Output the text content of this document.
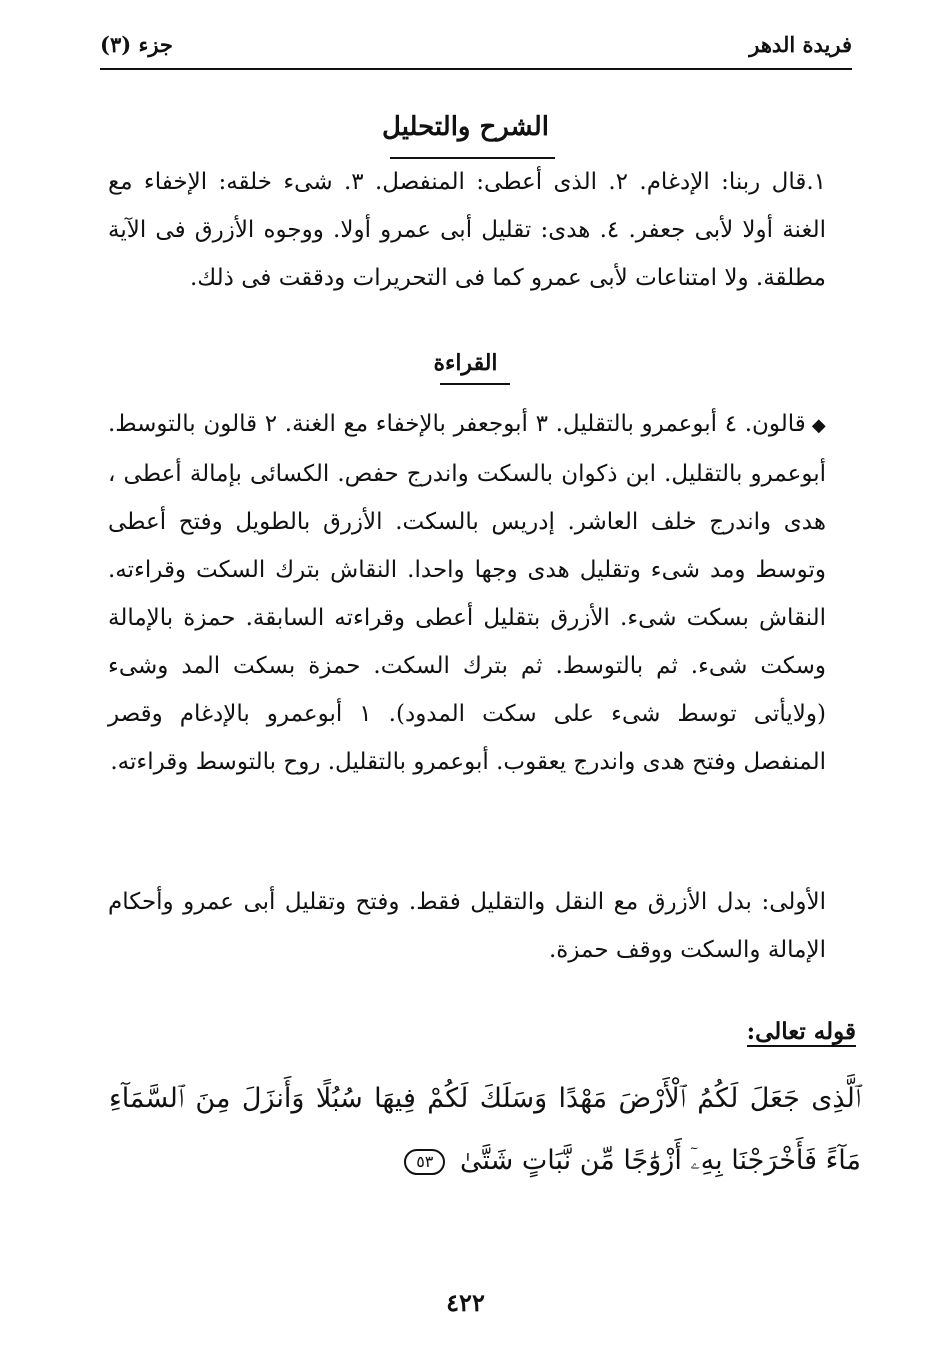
فريدة الدهر
جزء (٣)
الشرح والتحليل

١.قال ربنا: الإدغام. ٢. الذى أعطى: المنفصل. ٣. شىء خلقه: الإخفاء مع الغنة أولا لأبى جعفر. ٤. هدى: تقليل أبى عمرو أولا. ووجوه الأزرق فى الآية مطلقة. ولا امتناعات لأبى عمرو كما فى التحريرات ودققت فى ذلك.

القراءة

◆قالون. ٤ أبوعمرو بالتقليل. ٣ أبوجعفر بالإخفاء مع الغنة. ٢ قالون بالتوسط. أبوعمرو بالتقليل. ابن ذكوان بالسكت واندرج حفص. الكسائى بإمالة أعطى ، هدى واندرج خلف العاشر. إدريس بالسكت. الأزرق بالطويل وفتح أعطى وتوسط ومد شىء وتقليل هدى وجها واحدا. النقاش بترك السكت وقراءته. النقاش بسكت شىء. الأزرق بتقليل أعطى وقراءته السابقة. حمزة بالإمالة وسكت شىء. ثم بالتوسط. ثم بترك السكت. حمزة بسكت المد وشىء (ولايأتى توسط شىء على سكت المدود). ١ أبوعمرو بالإدغام وقصر المنفصل وفتح هدى واندرج يعقوب. أبوعمرو بالتقليل. روح بالتوسط وقراءته.

الأولى: بدل الأزرق مع النقل والتقليل فقط. وفتح وتقليل أبى عمرو وأحكام الإمالة والسكت ووقف حمزة.

قوله تعالى:
ٱلَّذِى جَعَلَ لَكُمُ ٱلْأَرْضَ مَهْدًا وَسَلَكَ لَكُمْ فِيهَا سُبُلًا وَأَنزَلَ مِنَ ٱلسَّمَآءِ مَآءً فَأَخْرَجْنَا بِهِۦٓ أَزْوَٰجًا مِّن نَّبَاتٍ شَتَّىٰ ٥٣
٤٢٢
